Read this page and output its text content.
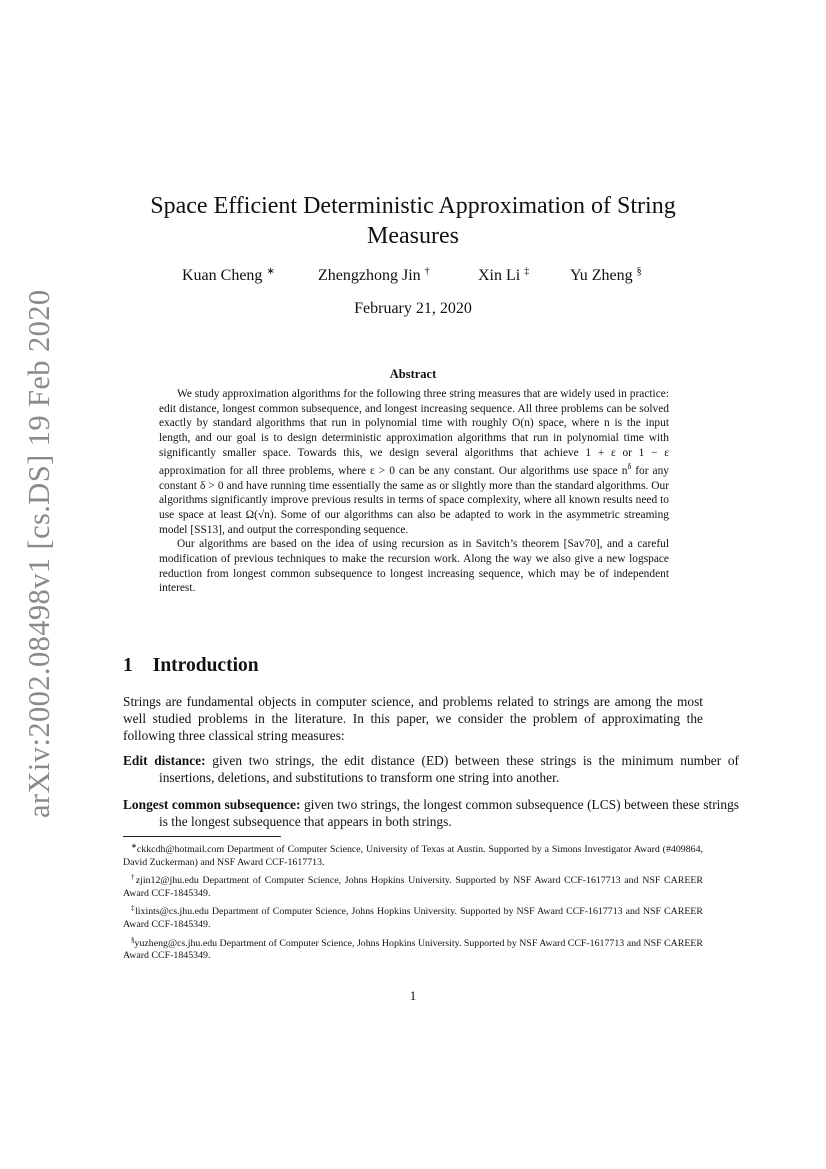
arXiv:2002.08498v1 [cs.DS] 19 Feb 2020
Space Efficient Deterministic Approximation of String Measures
Kuan Cheng ∗	Zhengzhong Jin †	Xin Li ‡	Yu Zheng §
February 21, 2020
Abstract

We study approximation algorithms for the following three string measures that are widely used in practice: edit distance, longest common subsequence, and longest increasing sequence. All three problems can be solved exactly by standard algorithms that run in polynomial time with roughly O(n) space, where n is the input length, and our goal is to design deterministic approximation algorithms that run in polynomial time with significantly smaller space. Towards this, we design several algorithms that achieve 1 + ε or 1 − ε approximation for all three problems, where ε > 0 can be any constant. Our algorithms use space $n^\delta$ for any constant δ > 0 and have running time essentially the same as or slightly more than the standard algorithms. Our algorithms significantly improve previous results in terms of space complexity, where all known results need to use space at least Ω(√n). Some of our algorithms can also be adapted to work in the asymmetric streaming model [SS13], and output the corresponding sequence.

Our algorithms are based on the idea of using recursion as in Savitch’s theorem [Sav70], and a careful modification of previous techniques to make the recursion work. Along the way we also give a new logspace reduction from longest common subsequence to longest increasing sequence, which may be of independent interest.

1 Introduction
Strings are fundamental objects in computer science, and problems related to strings are among the most well studied problems in the literature. In this paper, we consider the problem of approximating the following three classical string measures:
Edit distance: given two strings, the edit distance (ED) between these strings is the minimum number of insertions, deletions, and substitutions to transform one string into another.
Longest common subsequence: given two strings, the longest common subsequence (LCS) between these strings is the longest subsequence that appears in both strings.

∗ckkcdh@hotmail.com Department of Computer Science, University of Texas at Austin. Supported by a Simons Investigator Award (#409864, David Zuckerman) and NSF Award CCF-1617713.

†zjin12@jhu.edu Department of Computer Science, Johns Hopkins University. Supported by NSF Award CCF-1617713 and NSF CAREER Award CCF-1845349.

‡lixints@cs.jhu.edu Department of Computer Science, Johns Hopkins University. Supported by NSF Award CCF-1617713 and NSF CAREER Award CCF-1845349.

§yuzheng@cs.jhu.edu Department of Computer Science, Johns Hopkins University. Supported by NSF Award CCF-1617713 and NSF CAREER Award CCF-1845349.

1
